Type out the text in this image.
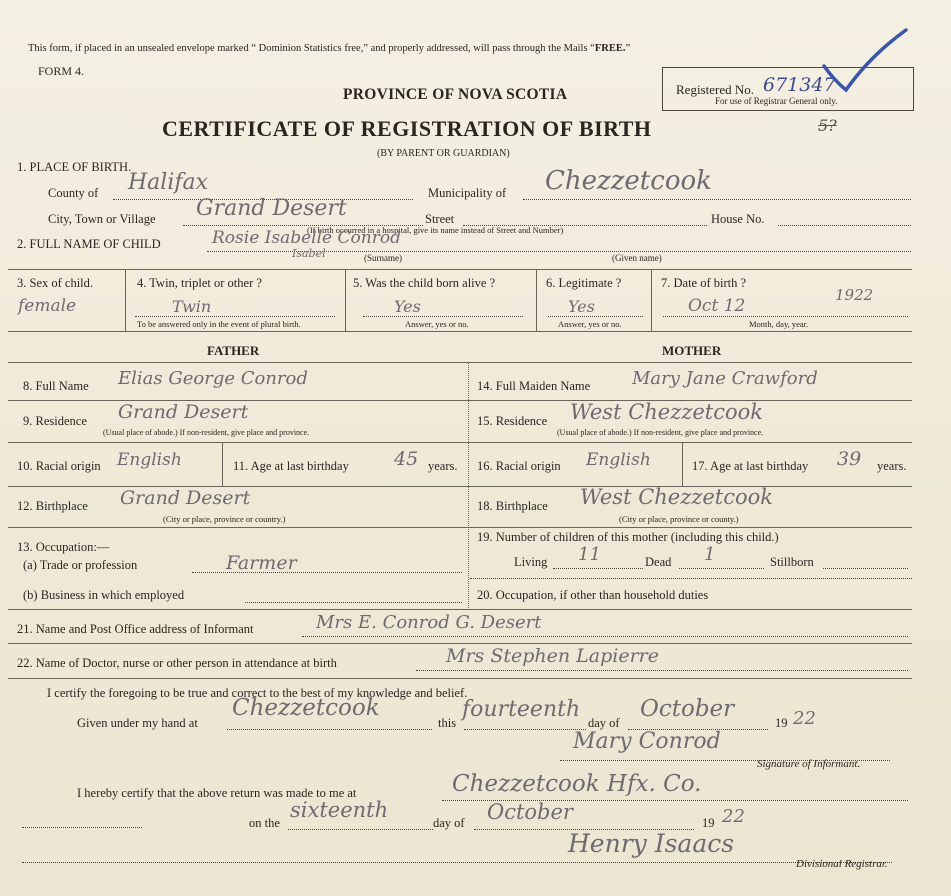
This form, if placed in an unsealed envelope marked “ Dominion Statistics free,” and properly addressed, will pass through the Mails “FREE.”
FORM 4.
PROVINCE OF NOVA SCOTIA
CERTIFICATE OF REGISTRATION OF BIRTH
(BY PARENT OR GUARDIAN)
Registered No. 671347
For use of Registrar General only.
5?
1. PLACE OF BIRTH.
County of Halifax	Municipality of Chezzetcook
City, Town or Village Grand Desert	Street	House No.
(If birth occurred in a hospital, give its name instead of Street and Number)
2. FULL NAME OF CHILD	Rosie Isabelle Conrod
Isabel	(Surname)	(Given name)
3. Sex of child.
female
4. Twin, triplet or other ?
Twin
To be answered only in the event of plural birth.
5. Was the child born alive ?
Yes
Answer, yes or no.
6. Legitimate ?
Yes
Answer, yes or no.
7. Date of birth ?
Oct 12
1922
Month, day, year.
FATHER	MOTHER
8. Full Name Elias George Conrod	14. Full Maiden Name Mary Jane Crawford
9. Residence Grand Desert
(Usual place of abode.) If non-resident, give place and province.
15. Residence West Chezzetcook
(Usual place of abode.) If non-resident, give place and province.
10. Racial origin English	11. Age at last birthday 45 years. 16. Racial origin English	17. Age at last birthday 39 years.
12. Birthplace Grand Desert
(City or place, province or country.)
18. Birthplace West Chezzetcook
(City or place, province or county.)
13. Occupation:—
(a) Trade or profession	Farmer
(b) Business in which employed
19. Number of children of this mother (including this child.)
Living 11	Dead 1	Stillborn
20. Occupation, if other than household duties
21. Name and Post Office address of Informant	Mrs E. Conrod G. Desert
22. Name of Doctor, nurse or other person in attendance at birth	Mrs Stephen Lapierre
I certify the foregoing to be true and correct to the best of my knowledge and belief.
Given under my hand at
Chezzetcook
this
fourteenth
day of
October
19 22
Mary Conrod
Signature of Informant.
I hereby certify that the above return was made to me at	Chezzetcook Hfx. Co.
on the
sixteenth
day of October	19 22
Henry Isaacs
Divisional Registrar.
